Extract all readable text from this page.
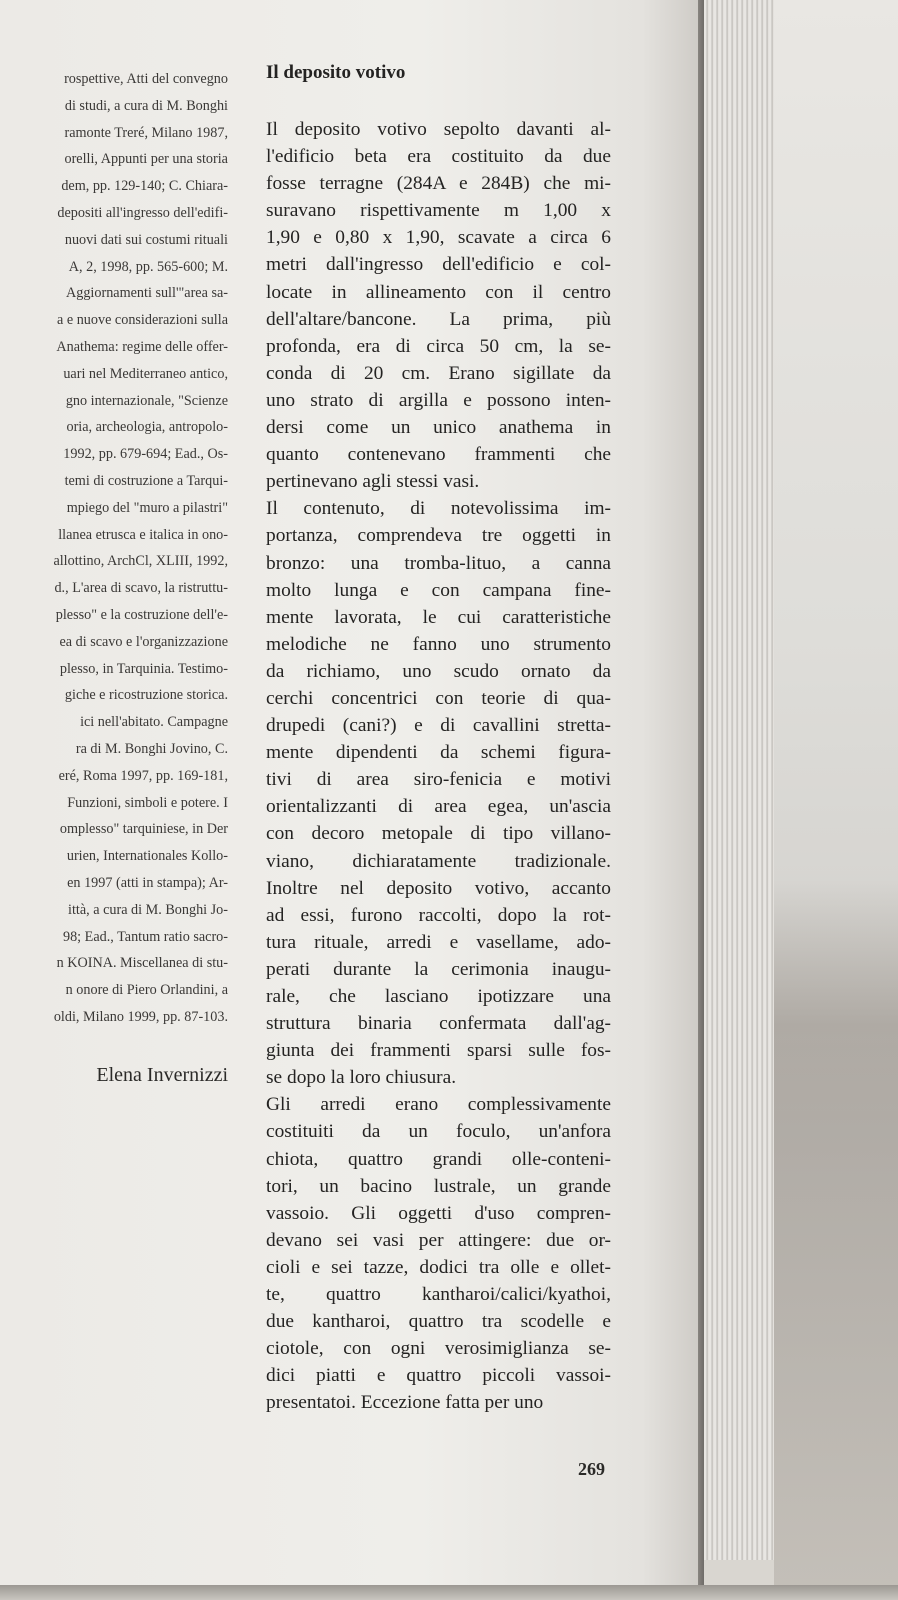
rospettive, Atti del convegno
di studi, a cura di M. Bonghi
ramonte Treré, Milano 1987,
orelli, Appunti per una storia
dem, pp. 129-140; C. Chiara-
depositi all'ingresso dell'edifi-
nuovi dati sui costumi rituali
A, 2, 1998, pp. 565-600; M.
Aggiornamenti sull'"area sa-
a e nuove considerazioni sulla
Anathema: regime delle offer-
uari nel Mediterraneo antico,
gno internazionale, "Scienze
oria, archeologia, antropolo-
1992, pp. 679-694; Ead., Os-
temi di costruzione a Tarqui-
mpiego del "muro a pilastri"
llanea etrusca e italica in ono-
allottino, ArchCl, XLIII, 1992,
d., L'area di scavo, la ristruttu-
plesso" e la costruzione dell'e-
ea di scavo e l'organizzazione
plesso, in Tarquinia. Testimo-
giche e ricostruzione storica.
ici nell'abitato. Campagne
ra di M. Bonghi Jovino, C.
eré, Roma 1997, pp. 169-181,
Funzioni, simboli e potere. I
omplesso" tarquiniese, in Der
urien, Internationales Kollo-
en 1997 (atti in stampa); Ar-
ittà, a cura di M. Bonghi Jo-
98; Ead., Tantum ratio sacro-
n KOINA. Miscellanea di stu-
n onore di Piero Orlandini, a
oldi, Milano 1999, pp. 87-103.
Elena Invernizzi
Il deposito votivo
Il deposito votivo sepolto davanti al-
l'edificio beta era costituito da due
fosse terragne (284A e 284B) che mi-
suravano rispettivamente m 1,00 x
1,90 e 0,80 x 1,90, scavate a circa 6
metri dall'ingresso dell'edificio e col-
locate in allineamento con il centro
dell'altare/bancone. La prima, più
profonda, era di circa 50 cm, la se-
conda di 20 cm. Erano sigillate da
uno strato di argilla e possono inten-
dersi come un unico anathema in
quanto contenevano frammenti che
pertinevano agli stessi vasi.
Il contenuto, di notevolissima im-
portanza, comprendeva tre oggetti in
bronzo: una tromba-lituo, a canna
molto lunga e con campana fine-
mente lavorata, le cui caratteristiche
melodiche ne fanno uno strumento
da richiamo, uno scudo ornato da
cerchi concentrici con teorie di qua-
drupedi (cani?) e di cavallini stretta-
mente dipendenti da schemi figura-
tivi di area siro-fenicia e motivi
orientalizzanti di area egea, un'ascia
con decoro metopale di tipo villano-
viano, dichiaratamente tradizionale.
Inoltre nel deposito votivo, accanto
ad essi, furono raccolti, dopo la rot-
tura rituale, arredi e vasellame, ado-
perati durante la cerimonia inaugu-
rale, che lasciano ipotizzare una
struttura binaria confermata dall'ag-
giunta dei frammenti sparsi sulle fos-
se dopo la loro chiusura.
Gli arredi erano complessivamente
costituiti da un foculo, un'anfora
chiota, quattro grandi olle-conteni-
tori, un bacino lustrale, un grande
vassoio. Gli oggetti d'uso compren-
devano sei vasi per attingere: due or-
cioli e sei tazze, dodici tra olle e ollet-
te, quattro kantharoi/calici/kyathoi,
due kantharoi, quattro tra scodelle e
ciotole, con ogni verosimiglianza se-
dici piatti e quattro piccoli vassoi-
presentatoi. Eccezione fatta per uno
269
